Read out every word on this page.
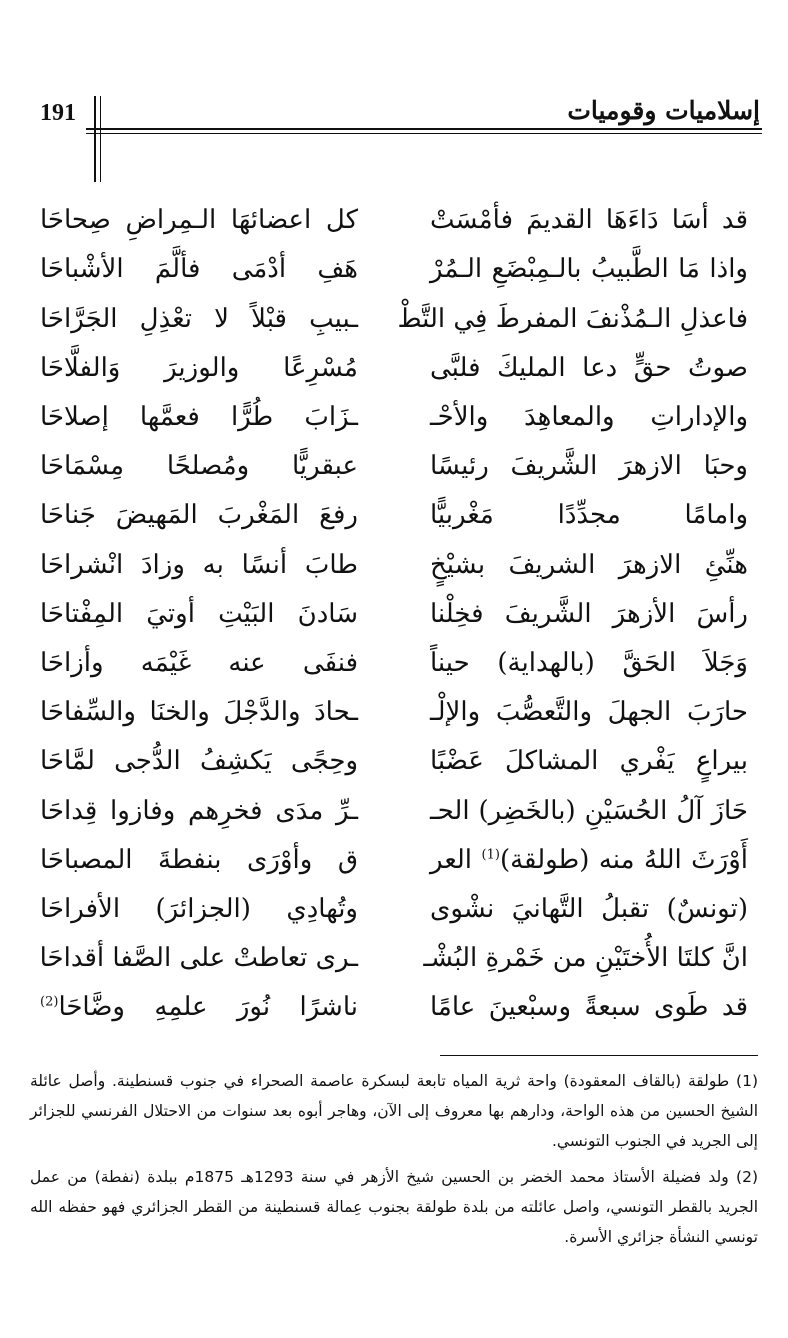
إسلاميات وقوميات
191
قد أسَا دَاءَهَا القديمَ فأمْسَتْ
كل اعضائهَا الـمِراضِ صِحاحَا
واذا مَا الطَّبيبُ بالـمِبْضَعِ الـمُرْ
هَفِ أدْمَى فألَّمَ الأشْباحَا
فاعذلِ الـمُذْنفَ المفرطَ فِي التَّطْ
ـبيبِ قبْلاً لا تعْذِلِ الجَرَّاحَا
صوتُ حقٍّ دعا المليكَ فلبَّى
مُسْرِعًا والوزيرَ وَالفلَّاحَا
والإداراتِ والمعاهِدَ والأحْـ
ـزَابَ طُرًّا فعمَّها إصلاحَا
وحبَا الازهرَ الشَّريفَ رئيسًا
عبقريًّا ومُصلحًا مِسْمَاحَا
وامامًا مجدِّدًا مَغْربيًّا
رفعَ المَغْربَ المَهيضَ جَناحَا
هنِّئِ الازهرَ الشريفَ بشيْخٍ
طابَ أنسًا به وزادَ انْشراحَا
رأسَ الأزهرَ الشَّريفَ فخِلْنا
سَادنَ البَيْتِ أوتيَ المِفْتاحَا
وَجَلاَ الحَقَّ (بالهداية) حيناً
فنفَى عنه غَيْمَه وأزاحَا
حارَبَ الجهلَ والتَّعصُّبَ والإلْـ
ـحادَ والدَّجْلَ والخنَا والسِّفاحَا
بيراعٍ يَفْري المشاكلَ عَضْبًا
وحِجًى يَكشِفُ الدُّجى لمَّاحَا
حَازَ آلُ الحُسَيْنِ (بالخَضِر) الحـ
ـرِّ مدَى فخرِهم وفازوا قِداحَا
أَوْرَثَ اللهُ منه (طولقة)$^{(1)}$ العر
ق وأوْرَى بنفطةَ المصباحَا
(تونسٌ) تقبلُ التَّهانيَ نشْوى
وتُهادِي (الجزائرَ) الأفراحَا
انَّ كلتَا الأُختَيْنِ من خَمْرةِ البُشْـ
ـرى تعاطتْ على الصَّفا أقداحَا
قد طَوى سبعةً وسبْعينَ عامًا
ناشرًا نُورَ علمِهِ وضَّاحَا$^{(2)}$

(1) طولقة (بالقاف المعقودة) واحة ثرية المياه تابعة لبسكرة عاصمة الصحراء في جنوب قسنطينة. وأصل عائلة الشيخ الحسين من هذه الواحة، ودارهم بها معروف إلى الآن، وهاجر أبوه بعد سنوات من الاحتلال الفرنسي للجزائر إلى الجريد في الجنوب التونسي.

(2) ولد فضيلة الأستاذ محمد الخضر بن الحسين شيخ الأزهر في سنة 1293هـ 1875م ببلدة (نفطة) من عمل الجريد بالقطر التونسي، واصل عائلته من بلدة طولقة بجنوب عِمالة قسنطينة من القطر الجزائري فهو حفظه الله تونسي النشأة جزائري الأسرة.
